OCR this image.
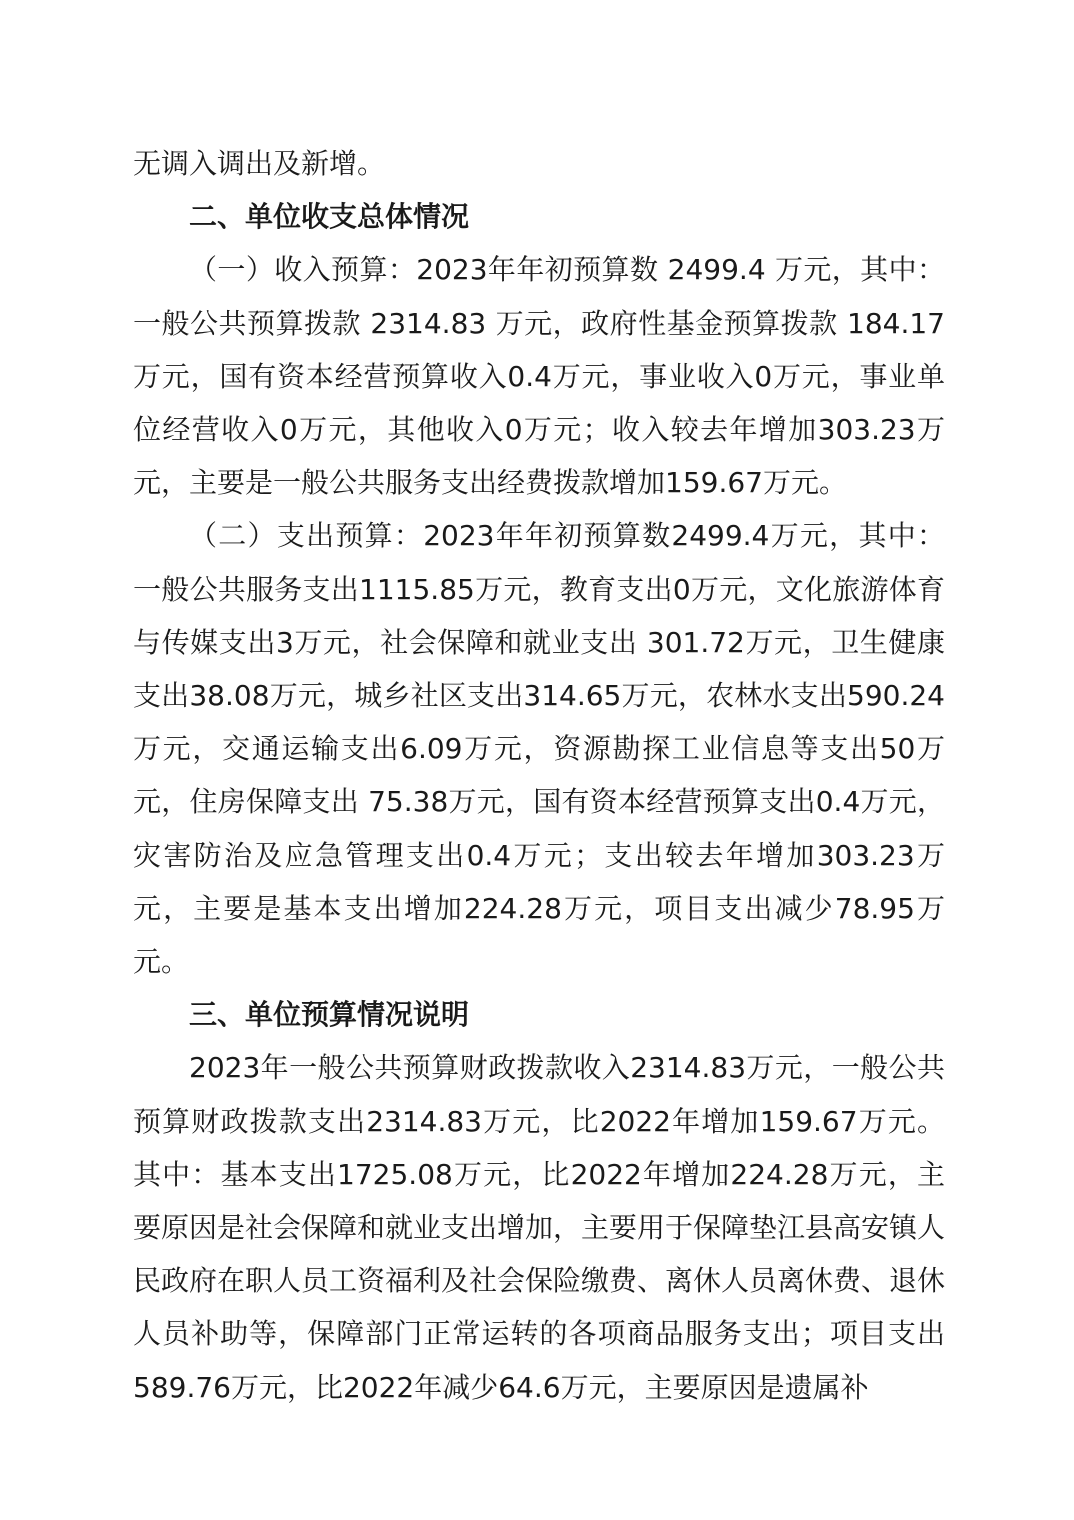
无调入调出及新增。

二、单位收支总体情况

（一）收入预算：2023年年初预算数 2499.4 万元，其中：一般公共预算拨款 2314.83 万元，政府性基金预算拨款 184.17万元，国有资本经营预算收入0.4万元，事业收入0万元，事业单位经营收入0万元，其他收入0万元；收入较去年增加303.23万元，主要是一般公共服务支出经费拨款增加159.67万元。

（二）支出预算：2023年年初预算数2499.4万元，其中：一般公共服务支出1115.85万元，教育支出0万元，文化旅游体育与传媒支出3万元，社会保障和就业支出 301.72万元，卫生健康支出38.08万元，城乡社区支出314.65万元，农林水支出590.24万元，交通运输支出6.09万元，资源勘探工业信息等支出50万元，住房保障支出 75.38万元，国有资本经营预算支出0.4万元，灾害防治及应急管理支出0.4万元；支出较去年增加303.23万元，主要是基本支出增加224.28万元，项目支出减少78.95万元。

三、单位预算情况说明

2023年一般公共预算财政拨款收入2314.83万元，一般公共预算财政拨款支出2314.83万元，比2022年增加159.67万元。其中：基本支出1725.08万元，比2022年增加224.28万元，主要原因是社会保障和就业支出增加，主要用于保障垫江县高安镇人民政府在职人员工资福利及社会保险缴费、离休人员离休费、退休人员补助等，保障部门正常运转的各项商品服务支出；项目支出589.76万元，比2022年减少64.6万元，主要原因是遗属补
